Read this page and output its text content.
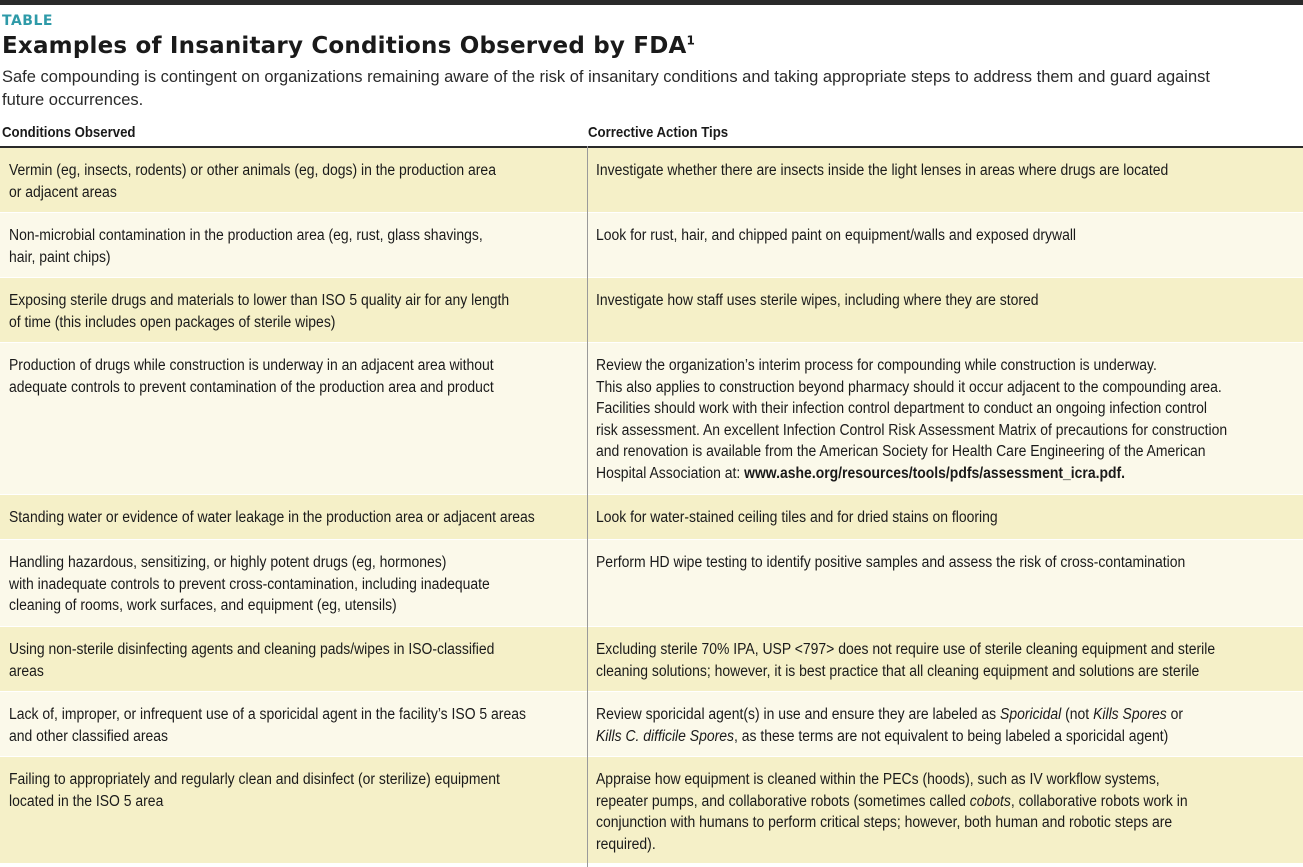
TABLE
Examples of Insanitary Conditions Observed by FDA$^1$

Safe compounding is contingent on organizations remaining aware of the risk of insanitary conditions and taking appropriate steps to address them and guard against future occurrences.

Conditions Observed	Corrective Action Tips
Vermin (eg, insects, rodents) or other animals (eg, dogs) in the production area
or adjacent areas
Investigate whether there are insects inside the light lenses in areas where drugs are located
Non-microbial contamination in the production area (eg, rust, glass shavings,
hair, paint chips)
Look for rust, hair, and chipped paint on equipment/walls and exposed drywall
Exposing sterile drugs and materials to lower than ISO 5 quality air for any length
of time (this includes open packages of sterile wipes)
Investigate how staff uses sterile wipes, including where they are stored
Production of drugs while construction is underway in an adjacent area without
adequate controls to prevent contamination of the production area and product
Review the organization’s interim process for compounding while construction is underway.
This also applies to construction beyond pharmacy should it occur adjacent to the compounding area.
Facilities should work with their infection control department to conduct an ongoing infection control
risk assessment. An excellent Infection Control Risk Assessment Matrix of precautions for construction
and renovation is available from the American Society for Health Care Engineering of the American
Hospital Association at: www.ashe.org/resources/tools/pdfs/assessment_icra.pdf.
Standing water or evidence of water leakage in the production area or adjacent areas	Look for water-stained ceiling tiles and for dried stains on flooring
Handling hazardous, sensitizing, or highly potent drugs (eg, hormones)
with inadequate controls to prevent cross-contamination, including inadequate
cleaning of rooms, work surfaces, and equipment (eg, utensils)
Perform HD wipe testing to identify positive samples and assess the risk of cross-contamination
Using non-sterile disinfecting agents and cleaning pads/wipes in ISO-classified
areas
Excluding sterile 70% IPA, USP <797> does not require use of sterile cleaning equipment and sterile
cleaning solutions; however, it is best practice that all cleaning equipment and solutions are sterile
Lack of, improper, or infrequent use of a sporicidal agent in the facility’s ISO 5 areas
and other classified areas
Review sporicidal agent(s) in use and ensure they are labeled as Sporicidal (not Kills Spores or
Kills C. difficile Spores, as these terms are not equivalent to being labeled a sporicidal agent)
Failing to appropriately and regularly clean and disinfect (or sterilize) equipment
located in the ISO 5 area
Appraise how equipment is cleaned within the PECs (hoods), such as IV workflow systems,
repeater pumps, and collaborative robots (sometimes called cobots, collaborative robots work in
conjunction with humans to perform critical steps; however, both human and robotic steps are
required).
